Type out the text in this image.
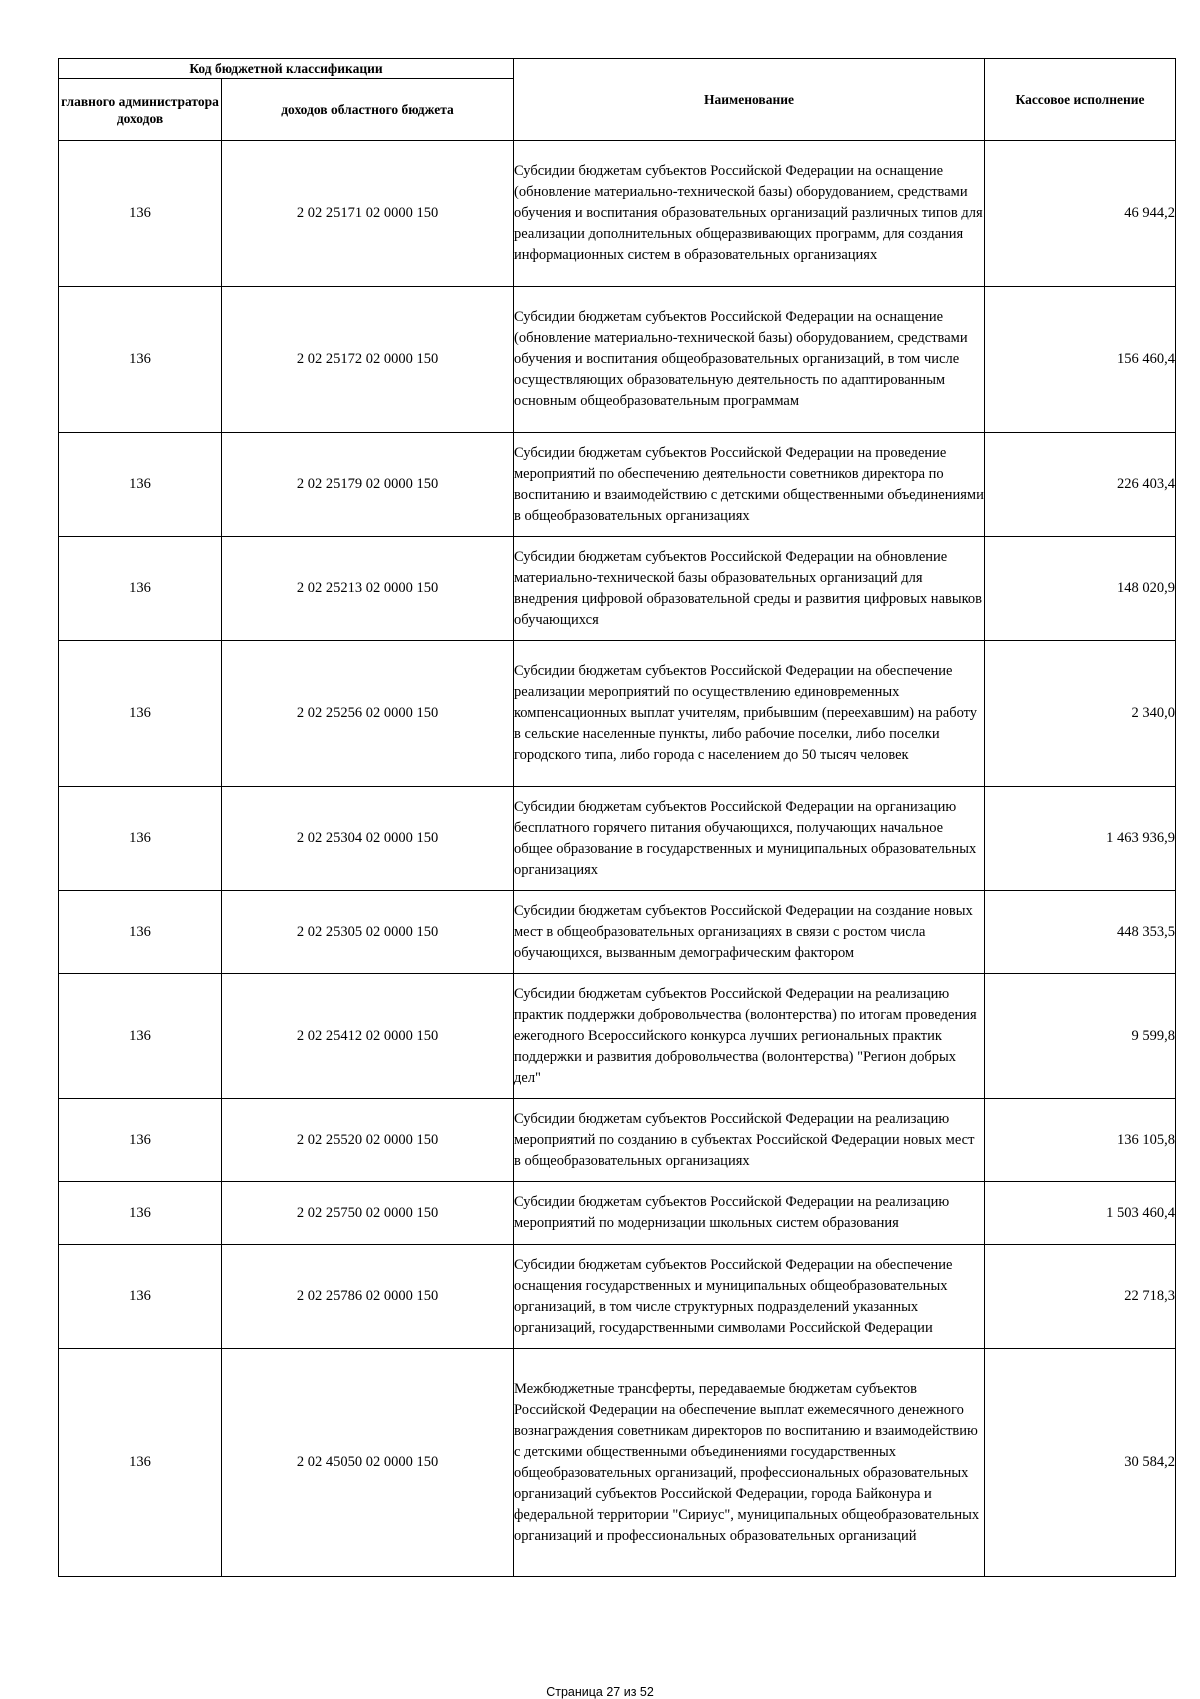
Код бюджетной классификации		Наименование	Кассовое исполнение
главного администратора доходов	доходов областного бюджета		
136	2 02 25171 02 0000 150	Субсидии бюджетам субъектов Российской Федерации на оснащение (обновление материально-технической базы) оборудованием, средствами обучения и воспитания образовательных организаций различных типов для реализации дополнительных общеразвивающих программ, для создания информационных систем в образовательных организациях	46 944,2
136	2 02 25172 02 0000 150	Субсидии бюджетам субъектов Российской Федерации на оснащение (обновление материально-технической базы) оборудованием, средствами обучения и воспитания общеобразовательных организаций, в том числе осуществляющих образовательную деятельность по адаптированным основным общеобразовательным программам	156 460,4
136	2 02 25179 02 0000 150	Субсидии бюджетам субъектов Российской Федерации на проведение мероприятий по обеспечению деятельности советников директора по воспитанию и взаимодействию с детскими общественными объединениями в общеобразовательных организациях	226 403,4
136	2 02 25213 02 0000 150	Субсидии бюджетам субъектов Российской Федерации на обновление материально-технической базы образовательных организаций для внедрения цифровой образовательной среды и развития цифровых навыков обучающихся	148 020,9
136	2 02 25256 02 0000 150	Субсидии бюджетам субъектов Российской Федерации на обеспечение реализации мероприятий по осуществлению единовременных компенсационных выплат учителям, прибывшим (переехавшим) на работу в сельские населенные пункты, либо рабочие поселки, либо поселки городского типа, либо города с населением до 50 тысяч человек	2 340,0
136	2 02 25304 02 0000 150	Субсидии бюджетам субъектов Российской Федерации на организацию бесплатного горячего питания обучающихся, получающих начальное общее образование в государственных и муниципальных образовательных организациях	1 463 936,9
136	2 02 25305 02 0000 150	Субсидии бюджетам субъектов Российской Федерации на создание новых мест в общеобразовательных организациях в связи с ростом числа обучающихся, вызванным демографическим фактором	448 353,5
136	2 02 25412 02 0000 150	Субсидии бюджетам субъектов Российской Федерации на реализацию практик поддержки добровольчества (волонтерства) по итогам проведения ежегодного Всероссийского конкурса лучших региональных практик поддержки и развития добровольчества (волонтерства) "Регион добрых дел"	9 599,8
136	2 02 25520 02 0000 150	Субсидии бюджетам субъектов Российской Федерации на реализацию мероприятий по созданию в субъектах Российской Федерации новых мест в общеобразовательных организациях	136 105,8
136	2 02 25750 02 0000 150	Субсидии бюджетам субъектов Российской Федерации на реализацию мероприятий по модернизации школьных систем образования	1 503 460,4
136	2 02 25786 02 0000 150	Субсидии бюджетам субъектов Российской Федерации на обеспечение оснащения государственных и муниципальных общеобразовательных организаций, в том числе структурных подразделений указанных организаций, государственными символами Российской Федерации	22 718,3
136	2 02 45050 02 0000 150	Межбюджетные трансферты, передаваемые бюджетам субъектов Российской Федерации на обеспечение выплат ежемесячного денежного вознаграждения советникам директоров по воспитанию и взаимодействию с детскими общественными объединениями государственных общеобразовательных организаций, профессиональных образовательных организаций субъектов Российской Федерации, города Байконура и федеральной территории "Сириус", муниципальных общеобразовательных организаций и профессиональных образовательных организаций	30 584,2
Страница 27 из 52
